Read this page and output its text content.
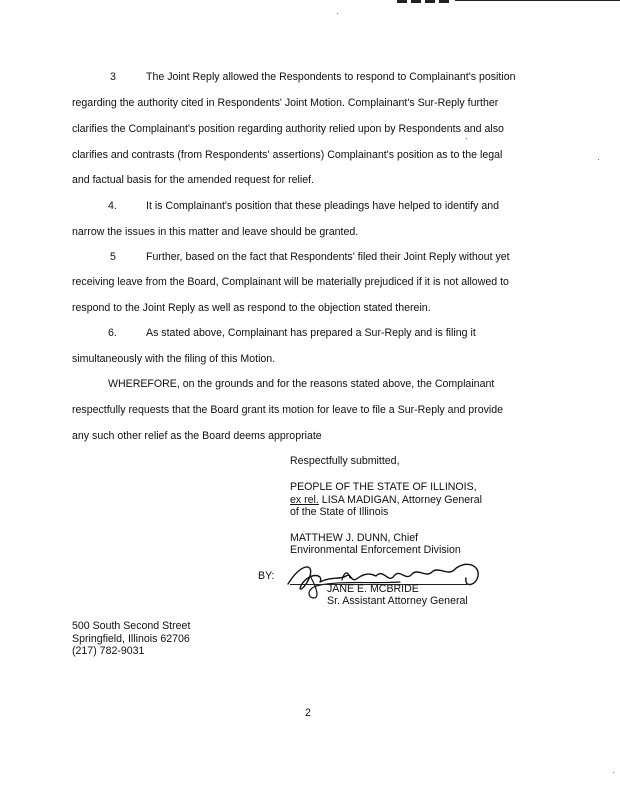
3	The Joint Reply allowed the Respondents to respond to Complainant's position
regarding the authority cited in Respondents' Joint Motion. Complainant's Sur-Reply further
clarifies the Complainant's position regarding authority relied upon by Respondents and also
clarifies and contrasts (from Respondents' assertions) Complainant's position as to the legal
and factual basis for the amended request for relief.
4.	It is Complainant's position that these pleadings have helped to identify and
narrow the issues in this matter and leave should be granted.
5	Further, based on the fact that Respondents' filed their Joint Reply without yet
receiving leave from the Board, Complainant will be materially prejudiced if it is not allowed to
respond to the Joint Reply as well as respond to the objection stated therein.
6.	As stated above, Complainant has prepared a Sur-Reply and is filing it
simultaneously with the filing of this Motion.
WHEREFORE, on the grounds and for the reasons stated above, the Complainant
respectfully requests that the Board grant its motion for leave to file a Sur-Reply and provide
any such other relief as the Board deems appropriate
Respectfully submitted,
PEOPLE OF THE STATE OF ILLINOIS,
ex rel. LISA MADIGAN, Attorney General
of the State of Illinois
MATTHEW J. DUNN, Chief
Environmental Enforcement Division
BY:
JANE E. MCBRIDE
Sr. Assistant Attorney General
500 South Second Street
Springfield, Illinois 62706
(217) 782-9031
2
